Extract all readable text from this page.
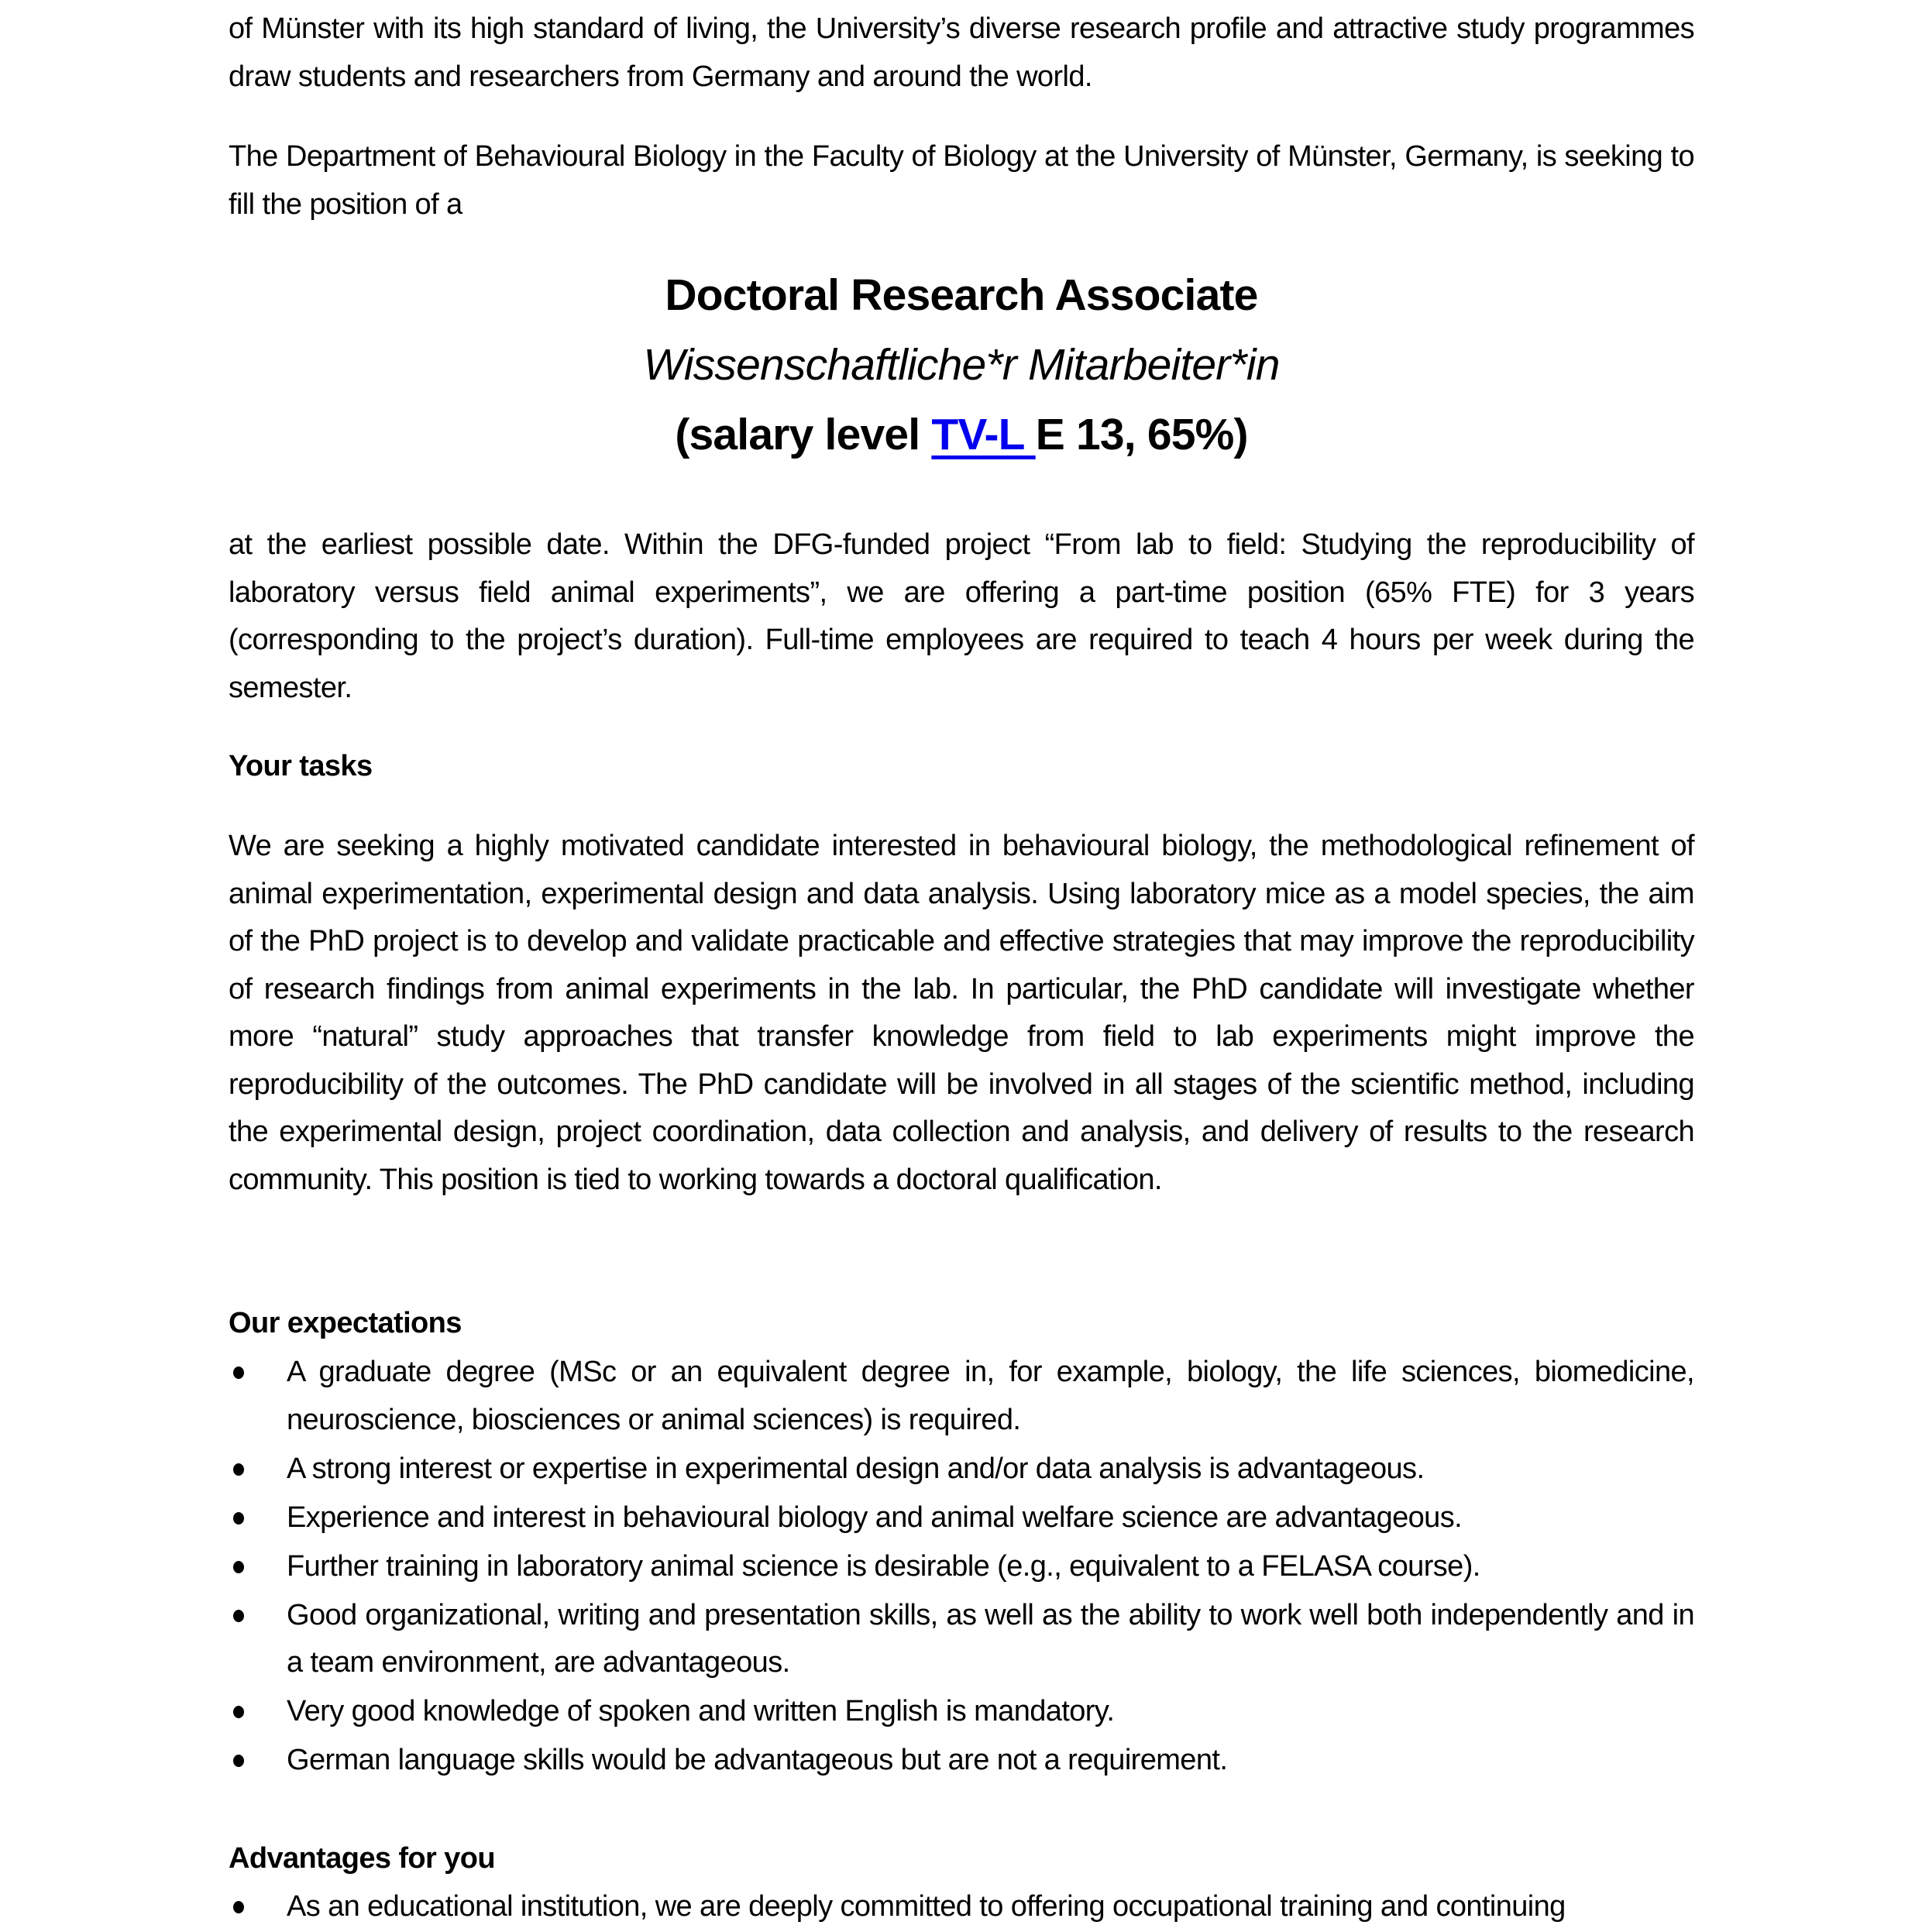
of Münster with its high standard of living, the University’s diverse research profile and attractive study programmes draw students and researchers from Germany and around the world.

The Department of Behavioural Biology in the Faculty of Biology at the University of Münster, Germany, is seeking to fill the position of a

Doctoral Research Associate
Wissenschaftliche*r Mitarbeiter*in
(salary level TV-L E 13, 65%)

at the earliest possible date. Within the DFG-funded project “From lab to field: Studying the reproducibility of laboratory versus field animal experiments”, we are offering a part-time position (65% FTE) for 3 years (corresponding to the project’s duration). Full-time employees are required to teach 4 hours per week during the semester.

Your tasks

We are seeking a highly motivated candidate interested in behavioural biology, the methodological refinement of animal experimentation, experimental design and data analysis. Using laboratory mice as a model species, the aim of the PhD project is to develop and validate practicable and effective strategies that may improve the reproducibility of research findings from animal experiments in the lab. In particular, the PhD candidate will investigate whether more “natural” study approaches that transfer knowledge from field to lab experiments might improve the reproducibility of the outcomes. The PhD candidate will be involved in all stages of the scientific method, including the experimental design, project coordination, data collection and analysis, and delivery of results to the research community. This position is tied to working towards a doctoral qualification.

Our expectations
A graduate degree (MSc or an equivalent degree in, for example, biology, the life sciences, biomedicine, neuroscience, biosciences or animal sciences) is required.
A strong interest or expertise in experimental design and/or data analysis is advantageous.
Experience and interest in behavioural biology and animal welfare science are advantageous.
Further training in laboratory animal science is desirable (e.g., equivalent to a FELASA course).
Good organizational, writing and presentation skills, as well as the ability to work well both independently and in a team environment, are advantageous.
Very good knowledge of spoken and written English is mandatory.
German language skills would be advantageous but are not a requirement.
Advantages for you
As an educational institution, we are deeply committed to offering occupational training and continuing
